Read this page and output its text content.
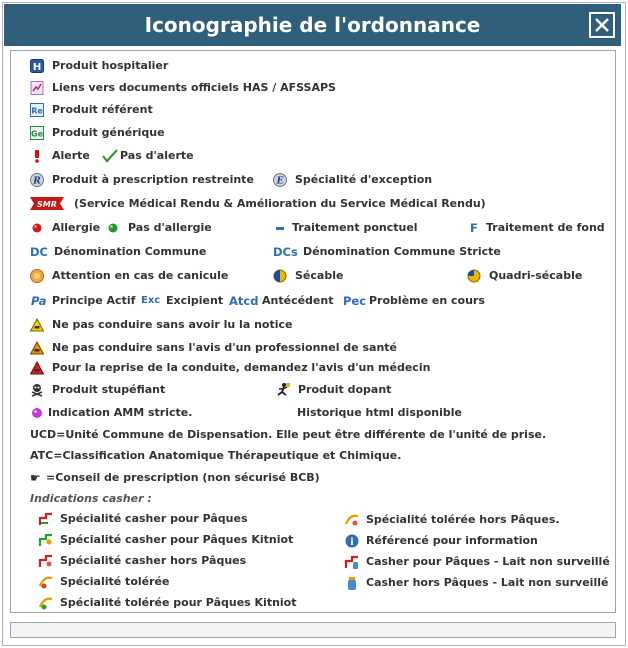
Iconographie de l'ordonnance
H Produit hospitalier
Liens vers documents officiels HAS / AFSSAPS
Re Produit référent
Ge Produit générique
Alerte	Pas d'alerte
R Produit à prescription restreinte	E Spécialité d'exception
SMR (Service Médical Rendu & Amélioration du Service Médical Rendu)
Allergie	Pas d'allergie	Traitement ponctuel	F Traitement de fond
DC Dénomination Commune	DCs Dénomination Commune Stricte
Attention en cas de canicule	Sécable	Quadri-sécable
Pa Principe Actif Exc Excipient Atcd Antécédent Pec Problème en cours
Ne pas conduire sans avoir lu la notice
Ne pas conduire sans l'avis d'un professionnel de santé
Pour la reprise de la conduite, demandez l'avis d'un médecin
Produit stupéfiant	Produit dopant
Indication AMM stricte.	Historique html disponible
UCD=Unité Commune de Dispensation. Elle peut être différente de l'unité de prise.
ATC=Classification Anatomique Thérapeutique et Chimique.
☛ =Conseil de prescription (non sécurisé BCB)
Indications casher :
Spécialité casher pour Pâques
Spécialité casher pour Pâques Kitniot
Spécialité casher hors Pâques
Spécialité tolérée
Spécialité tolérée pour Pâques Kitniot
Spécialité tolérée hors Pâques.
i Référencé pour information
Casher pour Pâques - Lait non surveillé
Casher hors Pâques - Lait non surveillé
